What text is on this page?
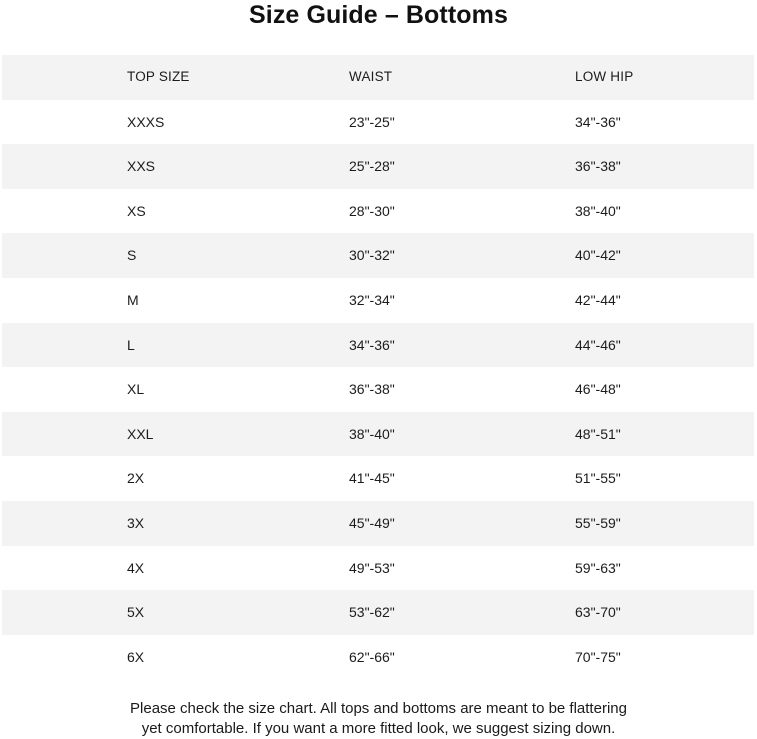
Size Guide – Bottoms
TOP SIZE	WAIST	LOW HIP
XXXS	23"-25"	34"-36"
XXS	25"-28"	36"-38"
XS	28"-30"	38"-40"
S	30"-32"	40"-42"
M	32"-34"	42"-44"
L	34"-36"	44"-46"
XL	36"-38"	46"-48"
XXL	38"-40"	48"-51"
2X	41"-45"	51"-55"
3X	45"-49"	55"-59"
4X	49"-53"	59"-63"
5X	53"-62"	63"-70"
6X	62"-66"	70"-75"
Please check the size chart. All tops and bottoms are meant to be flattering
yet comfortable. If you want a more fitted look, we suggest sizing down.
